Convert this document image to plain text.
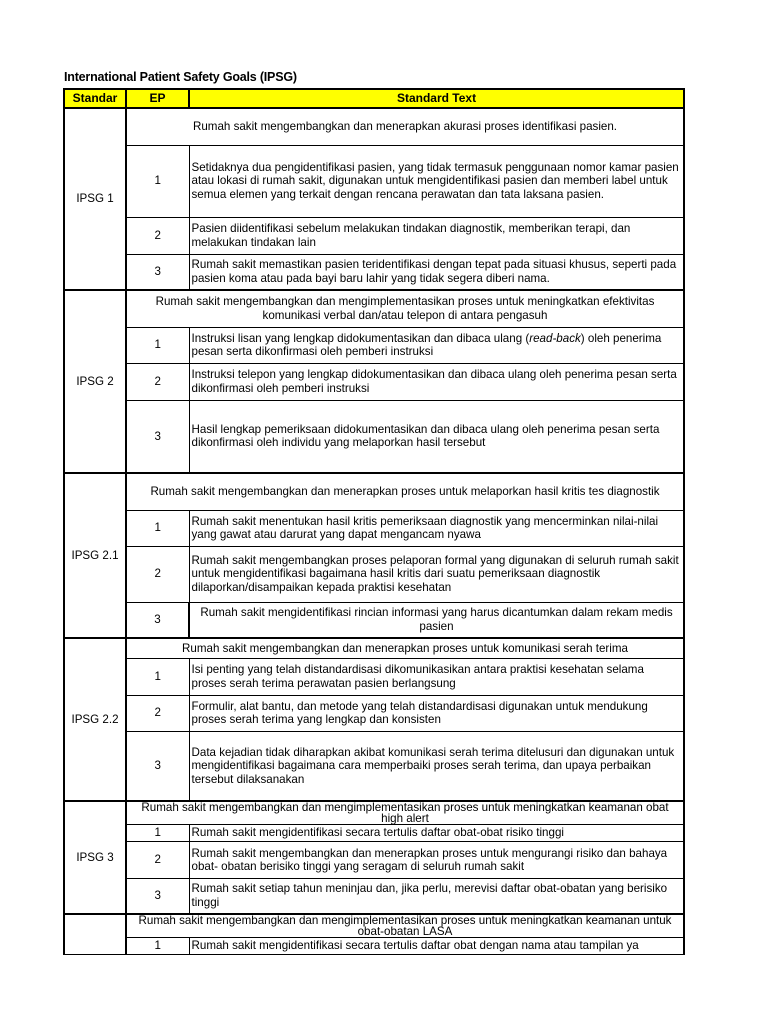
International Patient Safety Goals (IPSG)
Standar	EP	Standard Text
IPSG 1	Rumah sakit mengembangkan dan menerapkan akurasi proses identifikasi pasien.	
	1	Setidaknya dua pengidentifikasi pasien, yang tidak termasuk penggunaan nomor kamar pasien atau lokasi di rumah sakit, digunakan untuk mengidentifikasi pasien dan memberi label untuk semua elemen yang terkait dengan rencana perawatan dan tata laksana pasien.
	2	Pasien diidentifikasi sebelum melakukan tindakan diagnostik, memberikan terapi, dan melakukan tindakan lain
	3	Rumah sakit memastikan pasien teridentifikasi dengan tepat pada situasi khusus, seperti pada pasien koma atau pada bayi baru lahir yang tidak segera diberi nama.
IPSG 2	Rumah sakit mengembangkan dan mengimplementasikan proses untuk meningkatkan efektivitas komunikasi verbal dan/atau telepon di antara pengasuh	
	1	Instruksi lisan yang lengkap didokumentasikan dan dibaca ulang (read-back) oleh penerima pesan serta dikonfirmasi oleh pemberi instruksi
	2	Instruksi telepon yang lengkap didokumentasikan dan dibaca ulang oleh penerima pesan serta dikonfirmasi oleh pemberi instruksi
	3	Hasil lengkap pemeriksaan didokumentasikan dan dibaca ulang oleh penerima pesan serta dikonfirmasi oleh individu yang melaporkan hasil tersebut
IPSG 2.1	Rumah sakit mengembangkan dan menerapkan proses untuk melaporkan hasil kritis tes diagnostik	
	1	Rumah sakit menentukan hasil kritis pemeriksaan diagnostik yang mencerminkan nilai-nilai yang gawat atau darurat yang dapat mengancam nyawa
	2	Rumah sakit mengembangkan proses pelaporan formal yang digunakan di seluruh rumah sakit untuk mengidentifikasi bagaimana hasil kritis dari suatu pemeriksaan diagnostik dilaporkan/disampaikan kepada praktisi kesehatan
	3	Rumah sakit mengidentifikasi rincian informasi yang harus dicantumkan dalam rekam medis pasien
IPSG 2.2	Rumah sakit mengembangkan dan menerapkan proses untuk komunikasi serah terima	
	1	Isi penting yang telah distandardisasi dikomunikasikan antara praktisi kesehatan selama proses serah terima perawatan pasien berlangsung
	2	Formulir, alat bantu, dan metode yang telah distandardisasi digunakan untuk mendukung proses serah terima yang lengkap dan konsisten
	3	Data kejadian tidak diharapkan akibat komunikasi serah terima ditelusuri dan digunakan untuk mengidentifikasi bagaimana cara memperbaiki proses serah terima, dan upaya perbaikan tersebut dilaksanakan
IPSG 3	Rumah sakit mengembangkan dan mengimplementasikan proses untuk meningkatkan keamanan obat high alert	
	1	Rumah sakit mengidentifikasi secara tertulis daftar obat-obat risiko tinggi
	2	Rumah sakit mengembangkan dan menerapkan proses untuk mengurangi risiko dan bahaya obat- obatan berisiko tinggi yang seragam di seluruh rumah sakit
	3	Rumah sakit setiap tahun meninjau dan, jika perlu, merevisi daftar obat-obatan yang berisiko tinggi
	Rumah sakit mengembangkan dan mengimplementasikan proses untuk meningkatkan keamanan untuk obat-obatan LASA	
	1	Rumah sakit mengidentifikasi secara tertulis daftar obat dengan nama atau tampilan ya
